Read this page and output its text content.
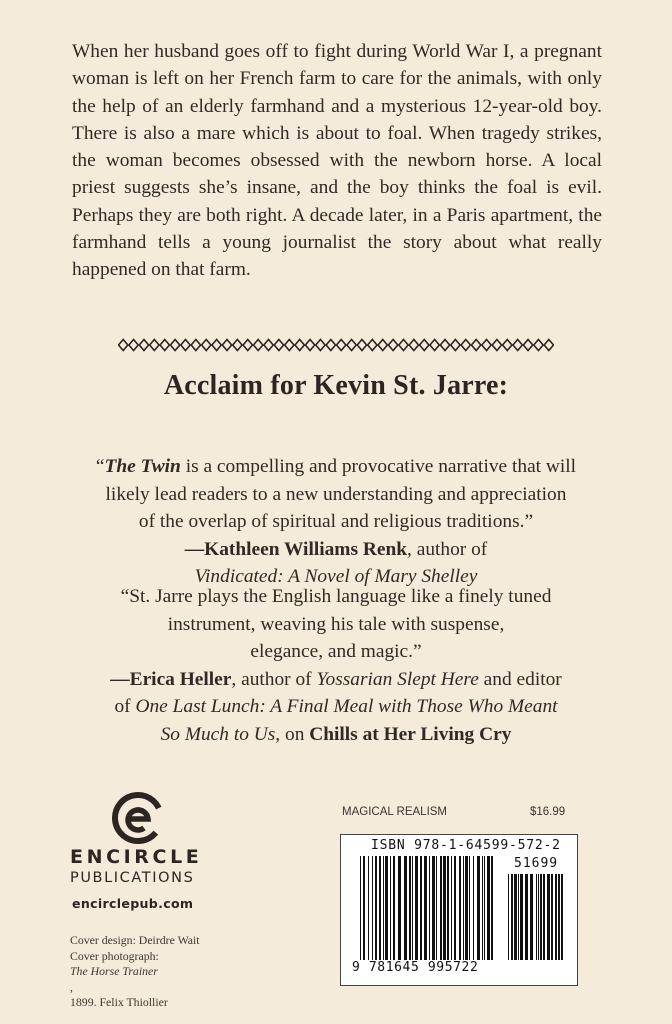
When her husband goes off to fight during World War I, a pregnant woman is left on her French farm to care for the animals, with only the help of an elderly farmhand and a mysterious 12-year-old boy. There is also a mare which is about to foal. When tragedy strikes, the woman becomes obsessed with the newborn horse. A local priest suggests she’s insane, and the boy thinks the foal is evil. Perhaps they are both right. A decade later, in a Paris apartment, the farmhand tells a young journalist the story about what really happened on that farm.

Acclaim for Kevin St. Jarre:
“The Twin is a compelling and provocative narrative that will
likely lead readers to a new understanding and appreciation
of the overlap of spiritual and religious traditions.”
—Kathleen Williams Renk, author of
Vindicated: A Novel of Mary Shelley
“St. Jarre plays the English language like a finely tuned
instrument, weaving his tale with suspense,
elegance, and magic.”
—Erica Heller, author of Yossarian Slept Here and editor
of One Last Lunch: A Final Meal with Those Who Meant
So Much to Us, on Chills at Her Living Cry
ENCIRCLE
PUBLICATIONS
encirclepub.com
Cover design: Deirdre Wait
Cover photograph:
The Horse Trainer
,
1899. Felix Thiollier
MAGICAL REALISM	$16.99
ISBN 978-1-64599-572-2
51699
9 781645 995722
